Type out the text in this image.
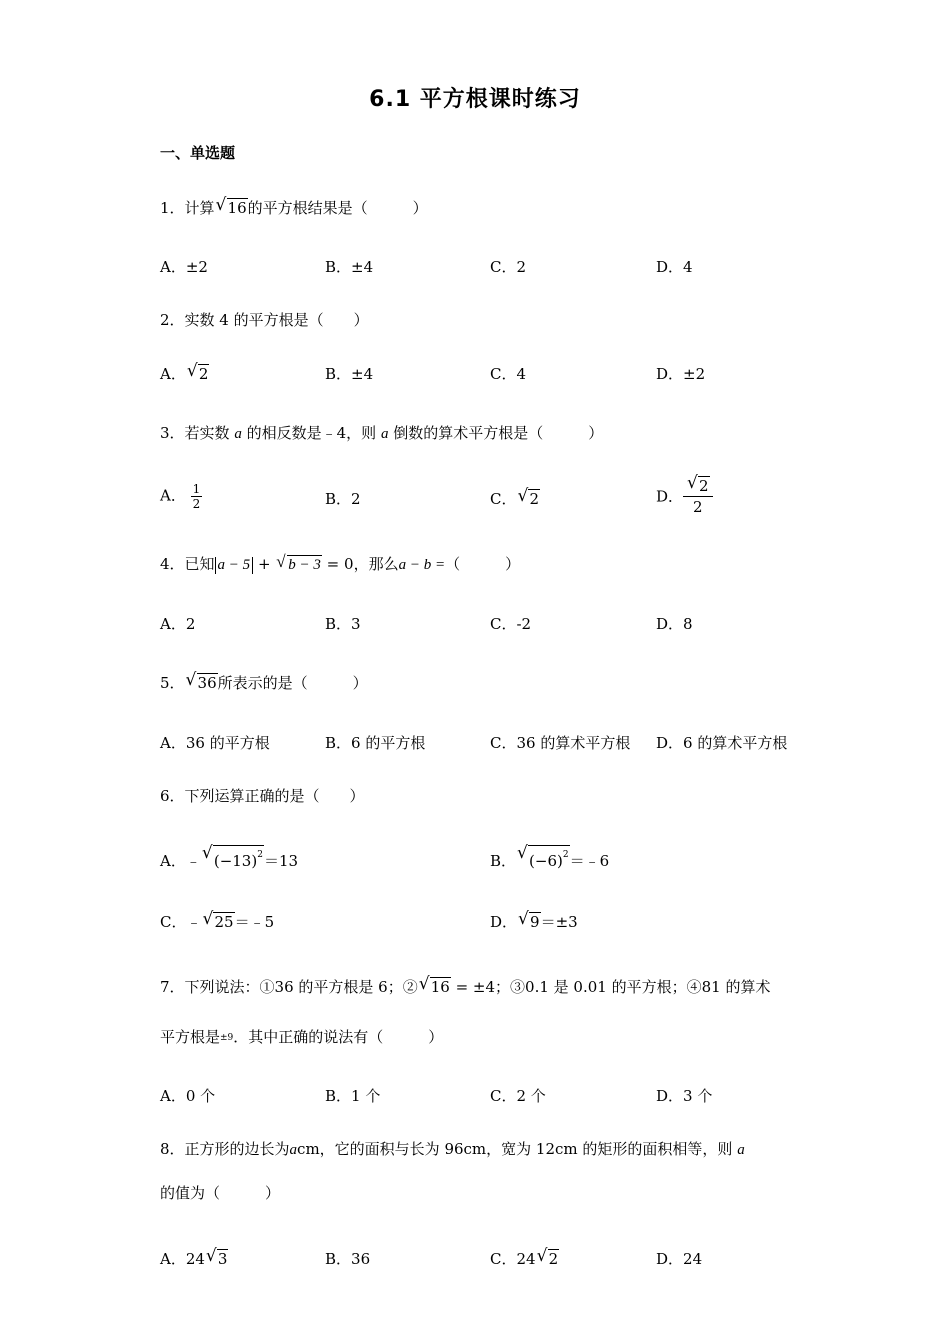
6.1 平方根课时练习
一、单选题
1．计算 √ 16的平方根结果是（　　　）
A．±2	B．±4	C．2	D．4
2．实数 4 的平方根是（　　）
A． √ 2	B．±4	C．4	D．±2
3．若实数 a 的相反数是﹣4，则 a 倒数的算术平方根是（　　　）
A． $\frac{1}{2}$	B．2	C． √ 2	D． $\frac{√ 2}{2}$
4．已知 a − 5 + √ b − 3 = 0，那么a − b =（　　　）
A．2	B．3	C．-2	D．8
5． √ 36所表示的是（　　　）
A．36 的平方根	B．6 的平方根	C．36 的算术平方根 D．6 的算术平方根
6．下列运算正确的是（　　）
A．﹣ √ $(-13)^2=13$	B． √ $(-6)^2=﹣6$
C．﹣ √ 25＝﹣5	D． √ 9＝±3
7．下列说法：①36 的平方根是 6；② √ 16 = ±4；③0.1 是 0.01 的平方根；④81 的算术
平方根是±9．其中正确的说法有（　　　）
A．0 个	B．1 个	C．2 个	D．3 个
8．正方形的边长为acm，它的面积与长为 96cm，宽为 12cm 的矩形的面积相等，则 a
的值为（　　　）
A．24 √ 3	B．36	C．24 √ 2	D．24
